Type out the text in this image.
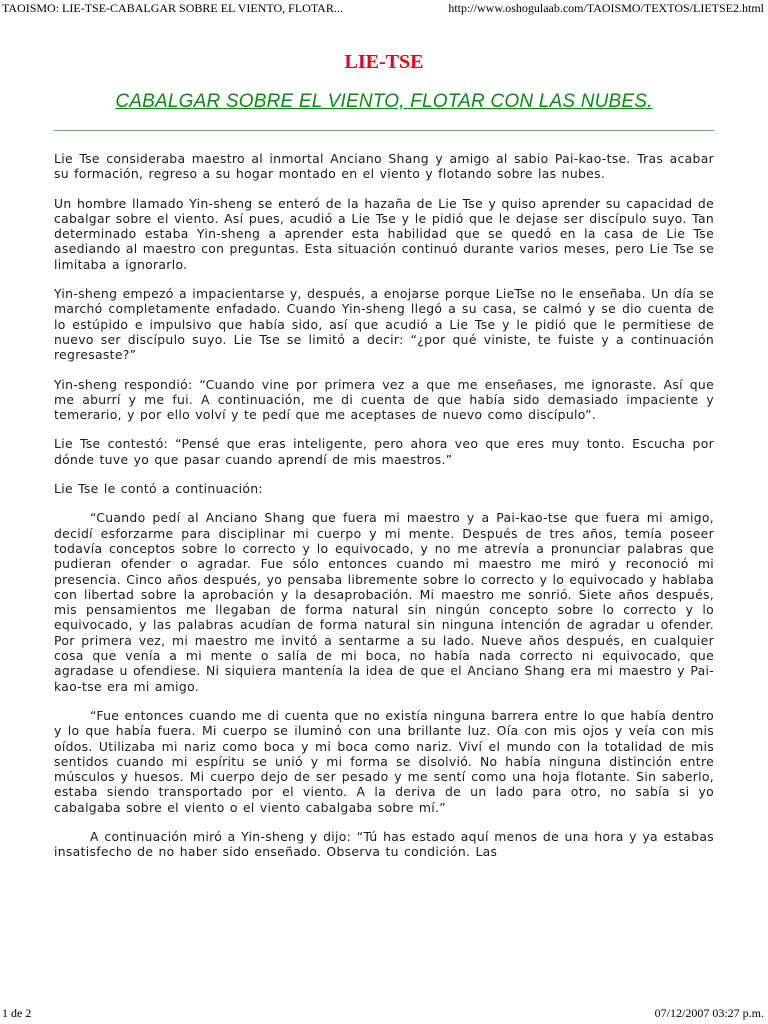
TAOISMO: LIE-TSE-CABALGAR SOBRE EL VIENTO, FLOTAR...	http://www.oshogulaab.com/TAOISMO/TEXTOS/LIETSE2.html
LIE-TSE
CABALGAR SOBRE EL VIENTO, FLOTAR CON LAS NUBES.

Lie Tse consideraba maestro al inmortal Anciano Shang y amigo al sabio Pai-kao-tse. Tras acabar su formación, regreso a su hogar montado en el viento y flotando sobre las nubes.

Un hombre llamado Yin-sheng se enteró de la hazaña de Lie Tse y quiso aprender su capacidad de cabalgar sobre el viento. Así pues, acudió a Lie Tse y le pidió que le dejase ser discípulo suyo. Tan determinado estaba Yin-sheng a aprender esta habilidad que se quedó en la casa de Lie Tse asediando al maestro con preguntas. Esta situación continuó durante varios meses, pero Lie Tse se limitaba a ignorarlo.

Yin-sheng empezó a impacientarse y, después, a enojarse porque LieTse no le enseñaba. Un día se marchó completamente enfadado. Cuando Yin-sheng llegó a su casa, se calmó y se dio cuenta de lo estúpido e impulsivo que había sido, así que acudió a Lie Tse y le pidió que le permitiese de nuevo ser discípulo suyo. Lie Tse se limitó a decir: “¿por qué viniste, te fuiste y a continuación regresaste?”

Yin-sheng respondió: “Cuando vine por primera vez a que me enseñases, me ignoraste. Así que me aburrí y me fui. A continuación, me di cuenta de que había sido demasiado impaciente y temerario, y por ello volví y te pedí que me aceptases de nuevo como discípulo”.

Lie Tse contestó: “Pensé que eras inteligente, pero ahora veo que eres muy tonto. Escucha por dónde tuve yo que pasar cuando aprendí de mis maestros.”

Lie Tse le contó a continuación:

“Cuando pedí al Anciano Shang que fuera mi maestro y a Pai-kao-tse que fuera mi amigo, decidí esforzarme para disciplinar mi cuerpo y mi mente. Después de tres años, temía poseer todavía conceptos sobre lo correcto y lo equivocado, y no me atrevía a pronunciar palabras que pudieran ofender o agradar. Fue sólo entonces cuando mi maestro me miró y reconoció mi presencia. Cinco años después, yo pensaba libremente sobre lo correcto y lo equivocado y hablaba con libertad sobre la aprobación y la desaprobación. Mi maestro me sonrió. Siete años después, mis pensamientos me llegaban de forma natural sin ningún concepto sobre lo correcto y lo equivocado, y las palabras acudían de forma natural sin ninguna intención de agradar u ofender. Por primera vez, mi maestro me invitó a sentarme a su lado. Nueve años después, en cualquier cosa que venía a mi mente o salía de mi boca, no había nada correcto ni equivocado, que agradase u ofendiese. Ni siquiera mantenía la idea de que el Anciano Shang era mi maestro y Pai-kao-tse era mi amigo.

“Fue entonces cuando me di cuenta que no existía ninguna barrera entre lo que había dentro y lo que había fuera. Mi cuerpo se iluminó con una brillante luz. Oía con mis ojos y veía con mis oídos. Utilizaba mi nariz como boca y mi boca como nariz. Viví el mundo con la totalidad de mis sentidos cuando mi espíritu se unió y mi forma se disolvió. No había ninguna distinción entre músculos y huesos. Mi cuerpo dejo de ser pesado y me sentí como una hoja flotante. Sin saberlo, estaba siendo transportado por el viento. A la deriva de un lado para otro, no sabía si yo cabalgaba sobre el viento o el viento cabalgaba sobre mí.”

A continuación miró a Yin-sheng y dijo: “Tú has estado aquí menos de una hora y ya estabas insatisfecho de no haber sido enseñado. Observa tu condición. Las

1 de 2	07/12/2007 03:27 p.m.
